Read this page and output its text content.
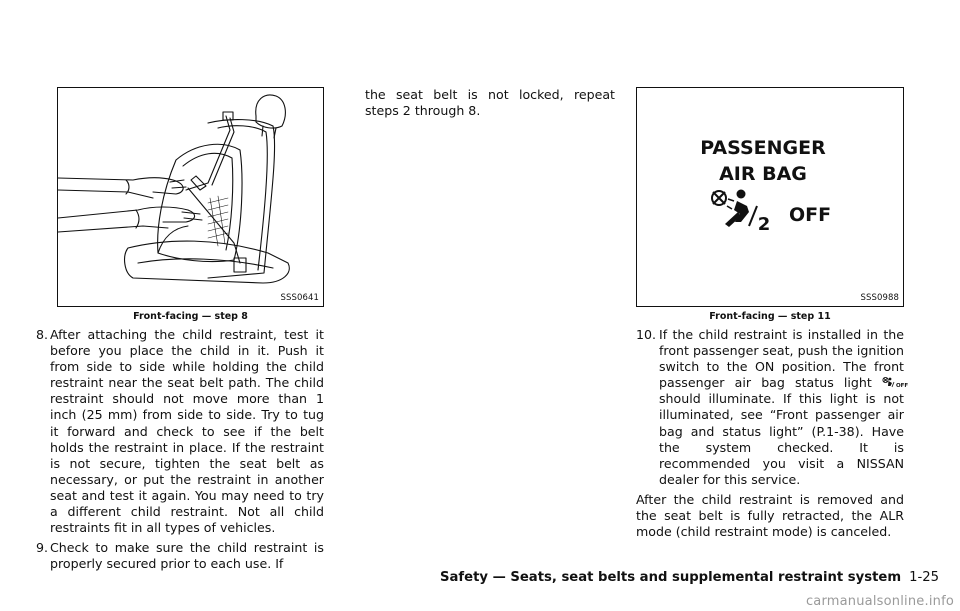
SSS0641
Front-facing — step 8

8. After attaching the child restraint, test it before you place the child in it. Push it from side to side while holding the child restraint near the seat belt path. The child restraint should not move more than 1 inch (25 mm) from side to side. Try to tug it forward and check to see if the belt holds the restraint in place. If the restraint is not secure, tighten the seat belt as necessary, or put the restraint in another seat and test it again. You may need to try a different child restraint. Not all child restraints fit in all types of vehicles.

9. Check to make sure the child restraint is properly secured prior to each use. If

the seat belt is not locked, repeat steps 2 through 8.

PASSENGER
AIR BAG
OFF
2
SSS0988
Front-facing — step 11

10. If the child restraint is installed in the front passenger seat, push the ignition switch to the ON position. The front passenger air bag status light	OFF
should illuminate. If this light is not illuminated, see “Front passenger air bag and status light” (P.1-38). Have the system checked. It is recommended you visit a NISSAN dealer for this service.

After the child restraint is removed and the seat belt is fully retracted, the ALR mode (child restraint mode) is canceled.

Safety — Seats, seat belts and supplemental restraint system 1-25
carmanualsonline.info
